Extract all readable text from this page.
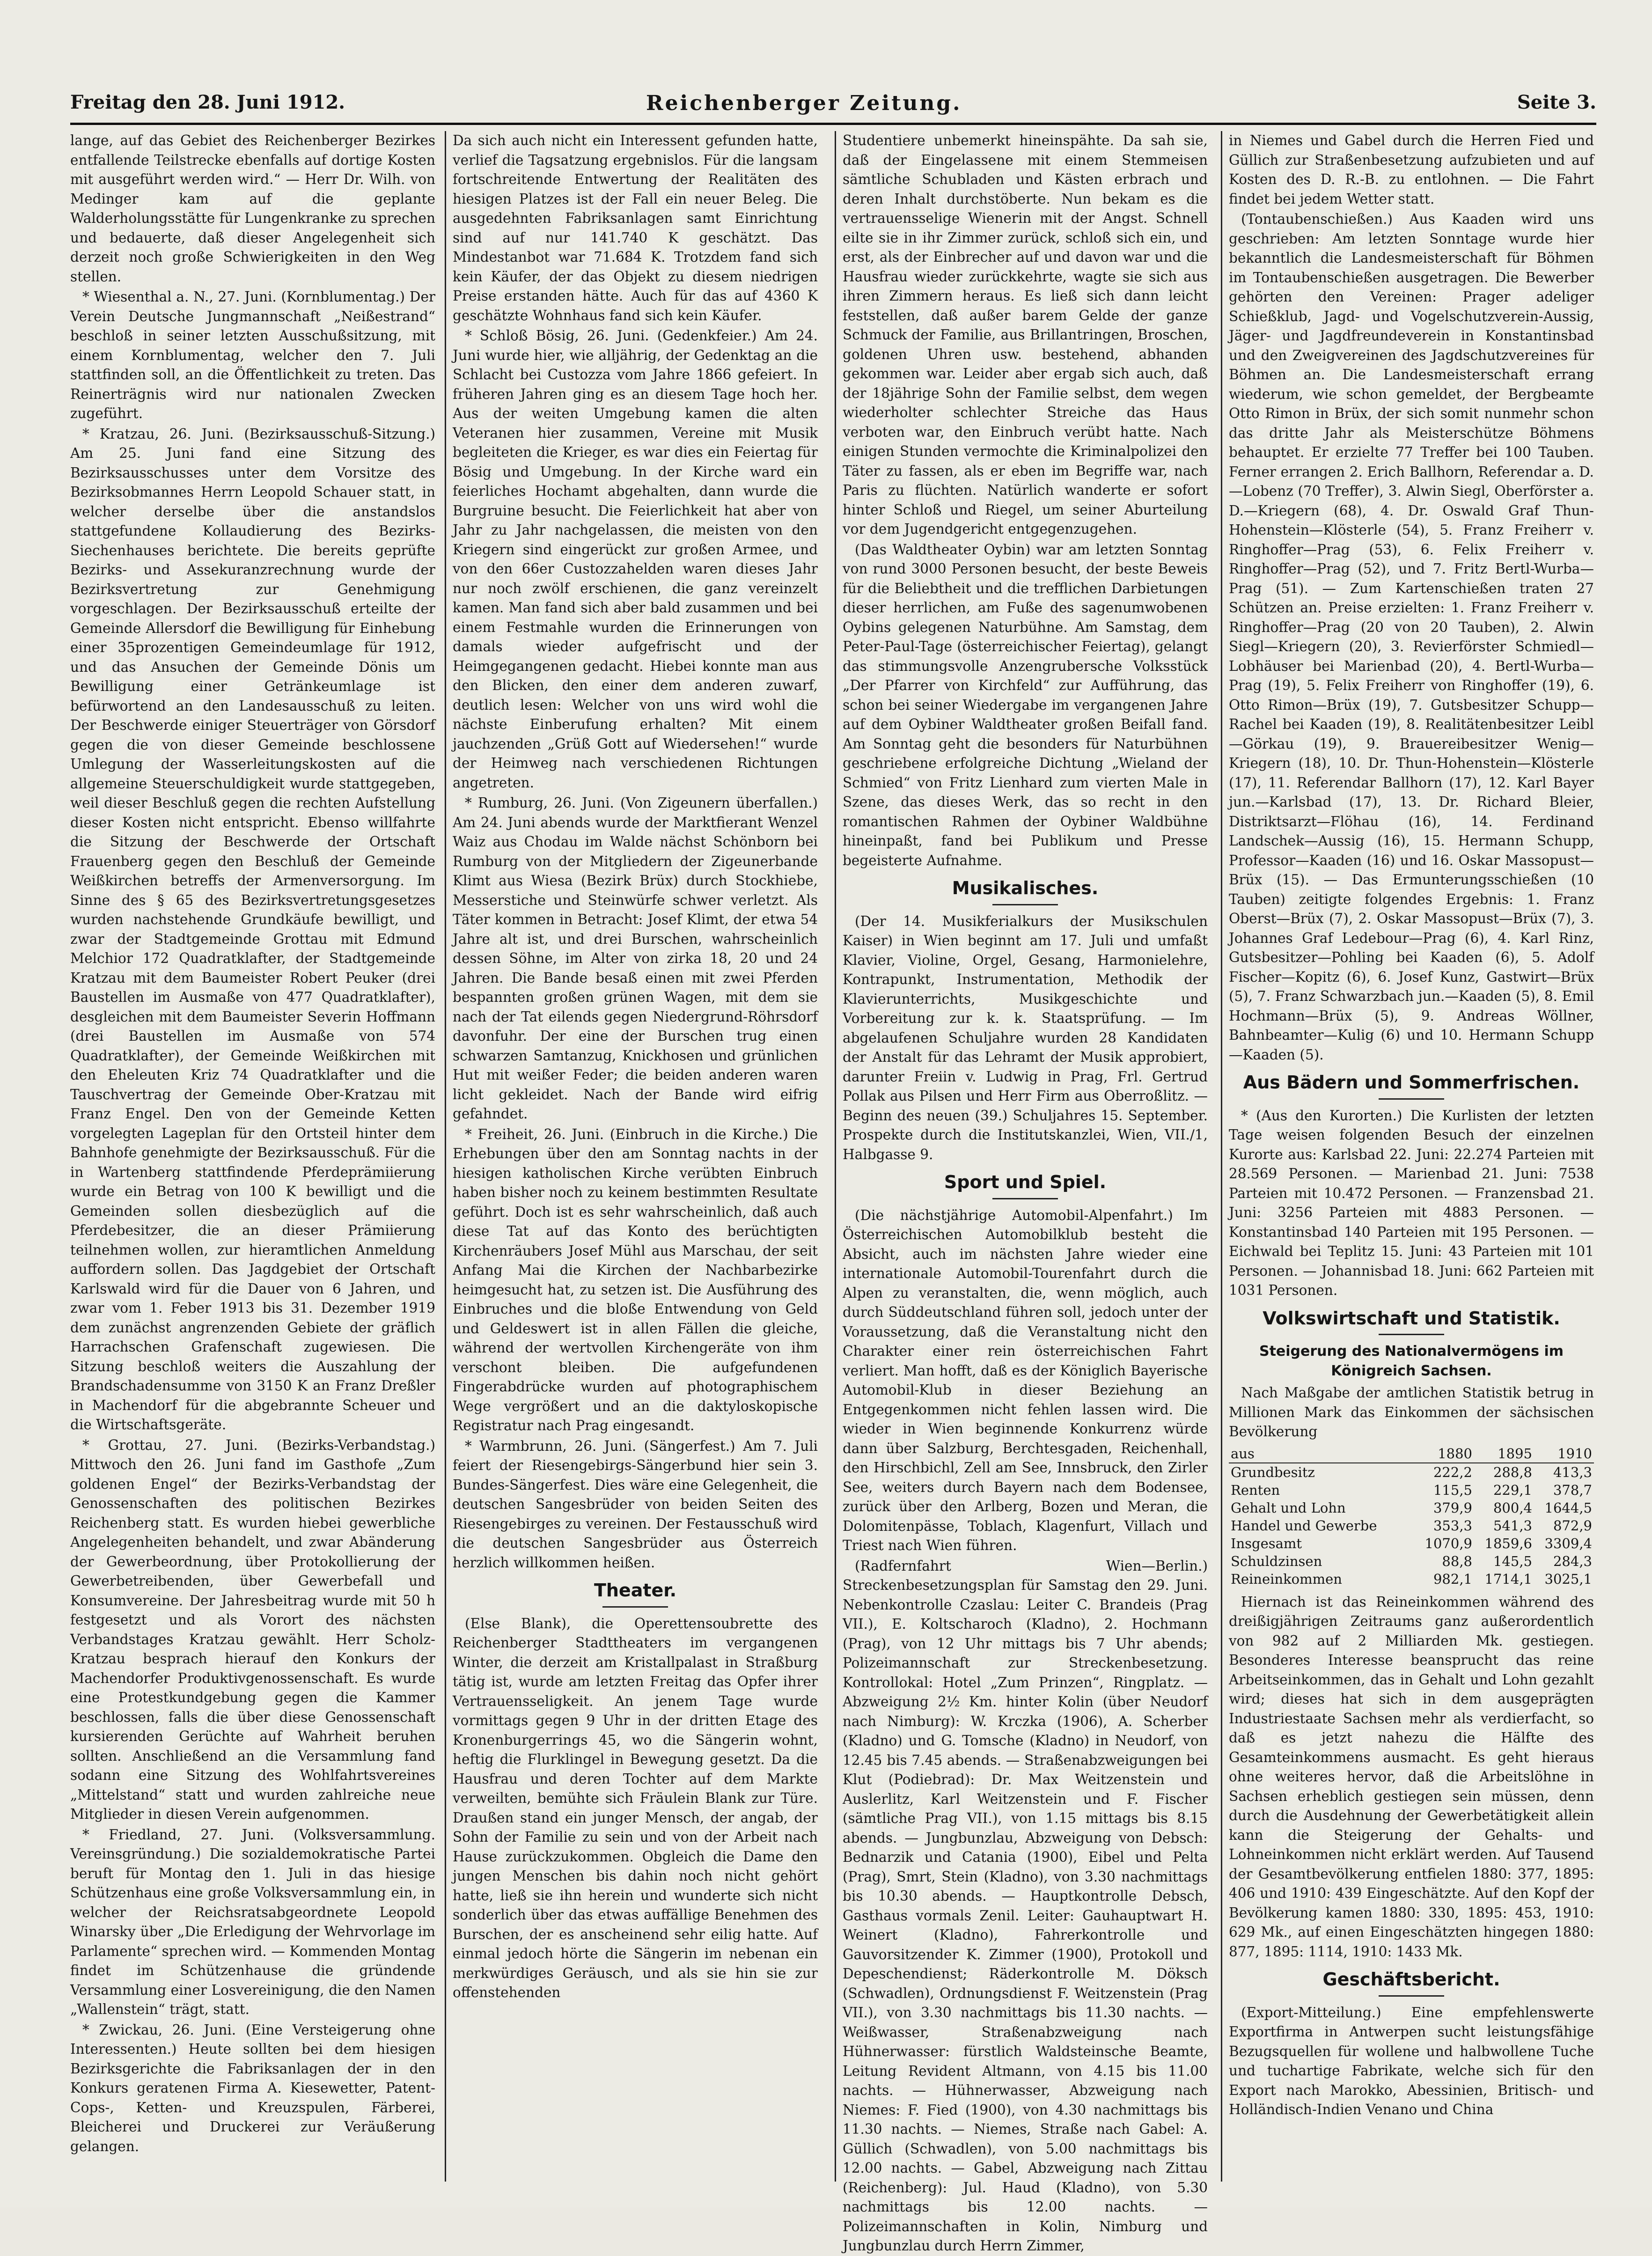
Freitag den 28. Juni 1912.	Reichenberger Zeitung.	Seite 3.

lange, auf das Gebiet des Reichenberger Bezirkes entfallende Teilstrecke ebenfalls auf dortige Kosten mit ausgeführt werden wird.“ — Herr Dr. Wilh. von Medinger kam auf die geplante Walderholungsstätte für Lungenkranke zu sprechen und bedauerte, daß dieser Angelegenheit sich derzeit noch große Schwierigkeiten in den Weg stellen.

* Wiesenthal a. N., 27. Juni. (Kornblumentag.) Der Verein Deutsche Jungmannschaft „Neißestrand“ beschloß in seiner letzten Ausschußsitzung, mit einem Kornblumentag, welcher den 7. Juli stattfinden soll, an die Öffentlichkeit zu treten. Das Reinerträgnis wird nur nationalen Zwecken zugeführt.

* Kratzau, 26. Juni. (Bezirksausschuß-Sitzung.) Am 25. Juni fand eine Sitzung des Bezirksausschusses unter dem Vorsitze des Bezirksobmannes Herrn Leopold Schauer statt, in welcher derselbe über die anstandslos stattgefundene Kollaudierung des Bezirks-Siechenhauses berichtete. Die bereits geprüfte Bezirks- und Assekuranzrechnung wurde der Bezirksvertretung zur Genehmigung vorgeschlagen. Der Bezirksausschuß erteilte der Gemeinde Allersdorf die Bewilligung für Einhebung einer 35prozentigen Gemeindeumlage für 1912, und das Ansuchen der Gemeinde Dönis um Bewilligung einer Getränkeumlage ist befürwortend an den Landesausschuß zu leiten. Der Beschwerde einiger Steuerträger von Görsdorf gegen die von dieser Gemeinde beschlossene Umlegung der Wasserleitungskosten auf die allgemeine Steuerschuldigkeit wurde stattgegeben, weil dieser Beschluß gegen die rechten Aufstellung dieser Kosten nicht entspricht. Ebenso willfahrte die Sitzung der Beschwerde der Ortschaft Frauenberg gegen den Beschluß der Gemeinde Weißkirchen betreffs der Armenversorgung. Im Sinne des § 65 des Bezirksvertretungsgesetzes wurden nachstehende Grundkäufe bewilligt, und zwar der Stadtgemeinde Grottau mit Edmund Melchior 172 Quadratklafter, der Stadtgemeinde Kratzau mit dem Baumeister Robert Peuker (drei Baustellen im Ausmaße von 477 Quadratklafter), desgleichen mit dem Baumeister Severin Hoffmann (drei Baustellen im Ausmaße von 574 Quadratklafter), der Gemeinde Weißkirchen mit den Eheleuten Kriz 74 Quadratklafter und die Tauschvertrag der Gemeinde Ober-Kratzau mit Franz Engel. Den von der Gemeinde Ketten vorgelegten Lageplan für den Ortsteil hinter dem Bahnhofe genehmigte der Bezirksausschuß. Für die in Wartenberg stattfindende Pferdeprämiierung wurde ein Betrag von 100 K bewilligt und die Gemeinden sollen diesbezüglich auf die Pferdebesitzer, die an dieser Prämiierung teilnehmen wollen, zur hieramtlichen Anmeldung auffordern sollen. Das Jagdgebiet der Ortschaft Karlswald wird für die Dauer von 6 Jahren, und zwar vom 1. Feber 1913 bis 31. Dezember 1919 dem zunächst angrenzenden Gebiete der gräflich Harrachschen Grafenschaft zugewiesen. Die Sitzung beschloß weiters die Auszahlung der Brandschadensumme von 3150 K an Franz Dreßler in Machendorf für die abgebrannte Scheuer und die Wirtschaftsgeräte.

* Grottau, 27. Juni. (Bezirks-Verbandstag.) Mittwoch den 26. Juni fand im Gasthofe „Zum goldenen Engel“ der Bezirks-Verbandstag der Genossenschaften des politischen Bezirkes Reichenberg statt. Es wurden hiebei gewerbliche Angelegenheiten behandelt, und zwar Abänderung der Gewerbeordnung, über Protokollierung der Gewerbetreibenden, über Gewerbefall und Konsumvereine. Der Jahresbeitrag wurde mit 50 h festgesetzt und als Vorort des nächsten Verbandstages Kratzau gewählt. Herr Scholz-Kratzau besprach hierauf den Konkurs der Machendorfer Produktivgenossenschaft. Es wurde eine Protestkundgebung gegen die Kammer beschlossen, falls die über diese Genossenschaft kursierenden Gerüchte auf Wahrheit beruhen sollten. Anschließend an die Versammlung fand sodann eine Sitzung des Wohlfahrtsvereines „Mittelstand“ statt und wurden zahlreiche neue Mitglieder in diesen Verein aufgenommen.

* Friedland, 27. Juni. (Volksversammlung. Vereinsgründung.) Die sozialdemokratische Partei beruft für Montag den 1. Juli in das hiesige Schützenhaus eine große Volksversammlung ein, in welcher der Reichsratsabgeordnete Leopold Winarsky über „Die Erledigung der Wehrvorlage im Parlamente“ sprechen wird. — Kommenden Montag findet im Schützenhause die gründende Versammlung einer Losvereinigung, die den Namen „Wallenstein“ trägt, statt.

* Zwickau, 26. Juni. (Eine Versteigerung ohne Interessenten.) Heute sollten bei dem hiesigen Bezirksgerichte die Fabriksanlagen der in den Konkurs geratenen Firma A. Kiesewetter, Patent-Cops-, Ketten- und Kreuzspulen, Färberei, Bleicherei und Druckerei zur Veräußerung gelangen.

Da sich auch nicht ein Interessent gefunden hatte, verlief die Tagsatzung ergebnislos. Für die langsam fortschreitende Entwertung der Realitäten des hiesigen Platzes ist der Fall ein neuer Beleg. Die ausgedehnten Fabriksanlagen samt Einrichtung sind auf nur 141.740 K geschätzt. Das Mindestanbot war 71.684 K. Trotzdem fand sich kein Käufer, der das Objekt zu diesem niedrigen Preise erstanden hätte. Auch für das auf 4360 K geschätzte Wohnhaus fand sich kein Käufer.

* Schloß Bösig, 26. Juni. (Gedenkfeier.) Am 24. Juni wurde hier, wie alljährig, der Gedenktag an die Schlacht bei Custozza vom Jahre 1866 gefeiert. In früheren Jahren ging es an diesem Tage hoch her. Aus der weiten Umgebung kamen die alten Veteranen hier zusammen, Vereine mit Musik begleiteten die Krieger, es war dies ein Feiertag für Bösig und Umgebung. In der Kirche ward ein feierliches Hochamt abgehalten, dann wurde die Burgruine besucht. Die Feierlichkeit hat aber von Jahr zu Jahr nachgelassen, die meisten von den Kriegern sind eingerückt zur großen Armee, und von den 66er Custozzahelden waren dieses Jahr nur noch zwölf erschienen, die ganz vereinzelt kamen. Man fand sich aber bald zusammen und bei einem Festmahle wurden die Erinnerungen von damals wieder aufgefrischt und der Heimgegangenen gedacht. Hiebei konnte man aus den Blicken, den einer dem anderen zuwarf, deutlich lesen: Welcher von uns wird wohl die nächste Einberufung erhalten? Mit einem jauchzenden „Grüß Gott auf Wiedersehen!“ wurde der Heimweg nach verschiedenen Richtungen angetreten.

* Rumburg, 26. Juni. (Von Zigeunern überfallen.) Am 24. Juni abends wurde der Marktfierant Wenzel Waiz aus Chodau im Walde nächst Schönborn bei Rumburg von der Mitgliedern der Zigeunerbande Klimt aus Wiesa (Bezirk Brüx) durch Stockhiebe, Messerstiche und Steinwürfe schwer verletzt. Als Täter kommen in Betracht: Josef Klimt, der etwa 54 Jahre alt ist, und drei Burschen, wahrscheinlich dessen Söhne, im Alter von zirka 18, 20 und 24 Jahren. Die Bande besaß einen mit zwei Pferden bespannten großen grünen Wagen, mit dem sie nach der Tat eilends gegen Niedergrund-Röhrsdorf davonfuhr. Der eine der Burschen trug einen schwarzen Samtanzug, Knickhosen und grünlichen Hut mit weißer Feder; die beiden anderen waren licht gekleidet. Nach der Bande wird eifrig gefahndet.

* Freiheit, 26. Juni. (Einbruch in die Kirche.) Die Erhebungen über den am Sonntag nachts in der hiesigen katholischen Kirche verübten Einbruch haben bisher noch zu keinem bestimmten Resultate geführt. Doch ist es sehr wahrscheinlich, daß auch diese Tat auf das Konto des berüchtigten Kirchenräubers Josef Mühl aus Marschau, der seit Anfang Mai die Kirchen der Nachbarbezirke heimgesucht hat, zu setzen ist. Die Ausführung des Einbruches und die bloße Entwendung von Geld und Geldeswert ist in allen Fällen die gleiche, während der wertvollen Kirchengeräte von ihm verschont bleiben. Die aufgefundenen Fingerabdrücke wurden auf photographischem Wege vergrößert und an die daktyloskopische Registratur nach Prag eingesandt.

* Warmbrunn, 26. Juni. (Sängerfest.) Am 7. Juli feiert der Riesengebirgs-Sängerbund hier sein 3. Bundes-Sängerfest. Dies wäre eine Gelegenheit, die deutschen Sangesbrüder von beiden Seiten des Riesengebirges zu vereinen. Der Festausschuß wird die deutschen Sangesbrüder aus Österreich herzlich willkommen heißen.

Theater.

(Else Blank), die Operettensoubrette des Reichenberger Stadttheaters im vergangenen Winter, die derzeit am Kristallpalast in Straßburg tätig ist, wurde am letzten Freitag das Opfer ihrer Vertrauensseligkeit. An jenem Tage wurde vormittags gegen 9 Uhr in der dritten Etage des Kronenburgerrings 45, wo die Sängerin wohnt, heftig die Flurklingel in Bewegung gesetzt. Da die Hausfrau und deren Tochter auf dem Markte verweilten, bemühte sich Fräulein Blank zur Türe. Draußen stand ein junger Mensch, der angab, der Sohn der Familie zu sein und von der Arbeit nach Hause zurückzukommen. Obgleich die Dame den jungen Menschen bis dahin noch nicht gehört hatte, ließ sie ihn herein und wunderte sich nicht sonderlich über das etwas auffällige Benehmen des Burschen, der es anscheinend sehr eilig hatte. Auf einmal jedoch hörte die Sängerin im nebenan ein merkwürdiges Geräusch, und als sie hin sie zur offenstehenden

Studentiere unbemerkt hineinspähte. Da sah sie, daß der Eingelassene mit einem Stemmeisen sämtliche Schubladen und Kästen erbrach und deren Inhalt durchstöberte. Nun bekam es die vertrauensselige Wienerin mit der Angst. Schnell eilte sie in ihr Zimmer zurück, schloß sich ein, und erst, als der Einbrecher auf und davon war und die Hausfrau wieder zurückkehrte, wagte sie sich aus ihren Zimmern heraus. Es ließ sich dann leicht feststellen, daß außer barem Gelde der ganze Schmuck der Familie, aus Brillantringen, Broschen, goldenen Uhren usw. bestehend, abhanden gekommen war. Leider aber ergab sich auch, daß der 18jährige Sohn der Familie selbst, dem wegen wiederholter schlechter Streiche das Haus verboten war, den Einbruch verübt hatte. Nach einigen Stunden vermochte die Kriminalpolizei den Täter zu fassen, als er eben im Begriffe war, nach Paris zu flüchten. Natürlich wanderte er sofort hinter Schloß und Riegel, um seiner Aburteilung vor dem Jugendgericht entgegenzugehen.

(Das Waldtheater Oybin) war am letzten Sonntag von rund 3000 Personen besucht, der beste Beweis für die Beliebtheit und die trefflichen Darbietungen dieser herrlichen, am Fuße des sagenumwobenen Oybins gelegenen Naturbühne. Am Samstag, dem Peter-Paul-Tage (österreichischer Feiertag), gelangt das stimmungsvolle Anzengrubersche Volksstück „Der Pfarrer von Kirchfeld“ zur Aufführung, das schon bei seiner Wiedergabe im vergangenen Jahre auf dem Oybiner Waldtheater großen Beifall fand. Am Sonntag geht die besonders für Naturbühnen geschriebene erfolgreiche Dichtung „Wieland der Schmied“ von Fritz Lienhard zum vierten Male in Szene, das dieses Werk, das so recht in den romantischen Rahmen der Oybiner Waldbühne hineinpaßt, fand bei Publikum und Presse begeisterte Aufnahme.

Musikalisches.

(Der 14. Musikferialkurs der Musikschulen Kaiser) in Wien beginnt am 17. Juli und umfaßt Klavier, Violine, Orgel, Gesang, Harmonielehre, Kontrapunkt, Instrumentation, Methodik der Klavierunterrichts, Musikgeschichte und Vorbereitung zur k. k. Staatsprüfung. — Im abgelaufenen Schuljahre wurden 28 Kandidaten der Anstalt für das Lehramt der Musik approbiert, darunter Freiin v. Ludwig in Prag, Frl. Gertrud Pollak aus Pilsen und Herr Firm aus Oberroßlitz. — Beginn des neuen (39.) Schuljahres 15. September. Prospekte durch die Institutskanzlei, Wien, VII./1, Halbgasse 9.

Sport und Spiel.

(Die nächstjährige Automobil-Alpenfahrt.) Im Österreichischen Automobilklub besteht die Absicht, auch im nächsten Jahre wieder eine internationale Automobil-Tourenfahrt durch die Alpen zu veranstalten, die, wenn möglich, auch durch Süddeutschland führen soll, jedoch unter der Voraussetzung, daß die Veranstaltung nicht den Charakter einer rein österreichischen Fahrt verliert. Man hofft, daß es der Königlich Bayerische Automobil-Klub in dieser Beziehung an Entgegenkommen nicht fehlen lassen wird. Die wieder in Wien beginnende Konkurrenz würde dann über Salzburg, Berchtesgaden, Reichenhall, den Hirschbichl, Zell am See, Innsbruck, den Zirler See, weiters durch Bayern nach dem Bodensee, zurück über den Arlberg, Bozen und Meran, die Dolomitenpässe, Toblach, Klagenfurt, Villach und Triest nach Wien führen.

(Radfernfahrt Wien—Berlin.) Streckenbesetzungsplan für Samstag den 29. Juni. Nebenkontrolle Czaslau: Leiter C. Brandeis (Prag VII.), E. Koltscharoch (Kladno), 2. Hochmann (Prag), von 12 Uhr mittags bis 7 Uhr abends; Polizeimannschaft zur Streckenbesetzung. Kontrollokal: Hotel „Zum Prinzen“, Ringplatz. — Abzweigung 2½ Km. hinter Kolin (über Neudorf nach Nimburg): W. Krczka (1906), A. Scherber (Kladno) und G. Tomsche (Kladno) in Neudorf, von 12.45 bis 7.45 abends. — Straßenabzweigungen bei Klut (Podiebrad): Dr. Max Weitzenstein und Auslerlitz, Karl Weitzenstein und F. Fischer (sämtliche Prag VII.), von 1.15 mittags bis 8.15 abends. — Jungbunzlau, Abzweigung von Debsch: Bednarzik und Catania (1900), Eibel und Pelta (Prag), Smrt, Stein (Kladno), von 3.30 nachmittags bis 10.30 abends. — Hauptkontrolle Debsch, Gasthaus vormals Zenil. Leiter: Gauhauptwart H. Weinert (Kladno), Fahrerkontrolle und Gauvorsitzender K. Zimmer (1900), Protokoll und Depeschendienst; Räderkontrolle M. Döksch (Schwadlen), Ordnungsdienst F. Weitzenstein (Prag VII.), von 3.30 nachmittags bis 11.30 nachts. — Weißwasser, Straßenabzweigung nach Hühnerwasser: fürstlich Waldsteinsche Beamte, Leitung Revident Altmann, von 4.15 bis 11.00 nachts. — Hühnerwasser, Abzweigung nach Niemes: F. Fied (1900), von 4.30 nachmittags bis 11.30 nachts. — Niemes, Straße nach Gabel: A. Güllich (Schwadlen), von 5.00 nachmittags bis 12.00 nachts. — Gabel, Abzweigung nach Zittau (Reichenberg): Jul. Haud (Kladno), von 5.30 nachmittags bis 12.00 nachts. — Polizeimannschaften in Kolin, Nimburg und Jungbunzlau durch Herrn Zimmer,

in Niemes und Gabel durch die Herren Fied und Güllich zur Straßenbesetzung aufzubieten und auf Kosten des D. R.-B. zu entlohnen. — Die Fahrt findet bei jedem Wetter statt.

(Tontaubenschießen.) Aus Kaaden wird uns geschrieben: Am letzten Sonntage wurde hier bekanntlich die Landesmeisterschaft für Böhmen im Tontaubenschießen ausgetragen. Die Bewerber gehörten den Vereinen: Prager adeliger Schießklub, Jagd- und Vogelschutzverein-Aussig, Jäger- und Jagdfreundeverein in Konstantinsbad und den Zweigvereinen des Jagdschutzvereines für Böhmen an. Die Landesmeisterschaft errang wiederum, wie schon gemeldet, der Bergbeamte Otto Rimon in Brüx, der sich somit nunmehr schon das dritte Jahr als Meisterschütze Böhmens behauptet. Er erzielte 77 Treffer bei 100 Tauben. Ferner errangen 2. Erich Ballhorn, Referendar a. D.—Lobenz (70 Treffer), 3. Alwin Siegl, Oberförster a. D.—Kriegern (68), 4. Dr. Oswald Graf Thun-Hohenstein—Klösterle (54), 5. Franz Freiherr v. Ringhoffer—Prag (53), 6. Felix Freiherr v. Ringhoffer—Prag (52), und 7. Fritz Bertl-Wurba—Prag (51). — Zum Kartenschießen traten 27 Schützen an. Preise erzielten: 1. Franz Freiherr v. Ringhoffer—Prag (20 von 20 Tauben), 2. Alwin Siegl—Kriegern (20), 3. Revierförster Schmiedl—Lobhäuser bei Marienbad (20), 4. Bertl-Wurba—Prag (19), 5. Felix Freiherr von Ringhoffer (19), 6. Otto Rimon—Brüx (19), 7. Gutsbesitzer Schupp—Rachel bei Kaaden (19), 8. Realitätenbesitzer Leibl—Görkau (19), 9. Brauereibesitzer Wenig—Kriegern (18), 10. Dr. Thun-Hohenstein—Klösterle (17), 11. Referendar Ballhorn (17), 12. Karl Bayer jun.—Karlsbad (17), 13. Dr. Richard Bleier, Distriktsarzt—Flöhau (16), 14. Ferdinand Landschek—Aussig (16), 15. Hermann Schupp, Professor—Kaaden (16) und 16. Oskar Massopust—Brüx (15). — Das Ermunterungsschießen (10 Tauben) zeitigte folgendes Ergebnis: 1. Franz Oberst—Brüx (7), 2. Oskar Massopust—Brüx (7), 3. Johannes Graf Ledebour—Prag (6), 4. Karl Rinz, Gutsbesitzer—Pohling bei Kaaden (6), 5. Adolf Fischer—Kopitz (6), 6. Josef Kunz, Gastwirt—Brüx (5), 7. Franz Schwarzbach jun.—Kaaden (5), 8. Emil Hochmann—Brüx (5), 9. Andreas Wöllner, Bahnbeamter—Kulig (6) und 10. Hermann Schupp—Kaaden (5).

Aus Bädern und Sommerfrischen.

* (Aus den Kurorten.) Die Kurlisten der letzten Tage weisen folgenden Besuch der einzelnen Kurorte aus: Karlsbad 22. Juni: 22.274 Parteien mit 28.569 Personen. — Marienbad 21. Juni: 7538 Parteien mit 10.472 Personen. — Franzensbad 21. Juni: 3256 Parteien mit 4883 Personen. — Konstantinsbad 140 Parteien mit 195 Personen. — Eichwald bei Teplitz 15. Juni: 43 Parteien mit 101 Personen. — Johannisbad 18. Juni: 662 Parteien mit 1031 Personen.

Volkswirtschaft und Statistik.
Steigerung des Nationalvermögens im Königreich Sachsen.

Nach Maßgabe der amtlichen Statistik betrug in Millionen Mark das Einkommen der sächsischen Bevölkerung

aus	1880	1895	1910
Grundbesitz	222,2	288,8	413,3
Renten	115,5	229,1	378,7
Gehalt und Lohn	379,9	800,4	1644,5
Handel und Gewerbe	353,3	541,3	872,9
Insgesamt	1070,9	1859,6	3309,4
Schuldzinsen	88,8	145,5	284,3
Reineinkommen	982,1	1714,1	3025,1

Hiernach ist das Reineinkommen während des dreißigjährigen Zeitraums ganz außerordentlich von 982 auf 2 Milliarden Mk. gestiegen. Besonderes Interesse beansprucht das reine Arbeitseinkommen, das in Gehalt und Lohn gezahlt wird; dieses hat sich in dem ausgeprägten Industriestaate Sachsen mehr als verdierfacht, so daß es jetzt nahezu die Hälfte des Gesamteinkommens ausmacht. Es geht hieraus ohne weiteres hervor, daß die Arbeitslöhne in Sachsen erheblich gestiegen sein müssen, denn durch die Ausdehnung der Gewerbetätigkeit allein kann die Steigerung der Gehalts- und Lohneinkommen nicht erklärt werden. Auf Tausend der Gesamtbevölkerung entfielen 1880: 377, 1895: 406 und 1910: 439 Eingeschätzte. Auf den Kopf der Bevölkerung kamen 1880: 330, 1895: 453, 1910: 629 Mk., auf einen Eingeschätzten hingegen 1880: 877, 1895: 1114, 1910: 1433 Mk.

Geschäftsbericht.

(Export-Mitteilung.) Eine empfehlenswerte Exportfirma in Antwerpen sucht leistungsfähige Bezugsquellen für wollene und halbwollene Tuche und tuchartige Fabrikate, welche sich für den Export nach Marokko, Abessinien, Britisch- und Holländisch-Indien Venano und China
